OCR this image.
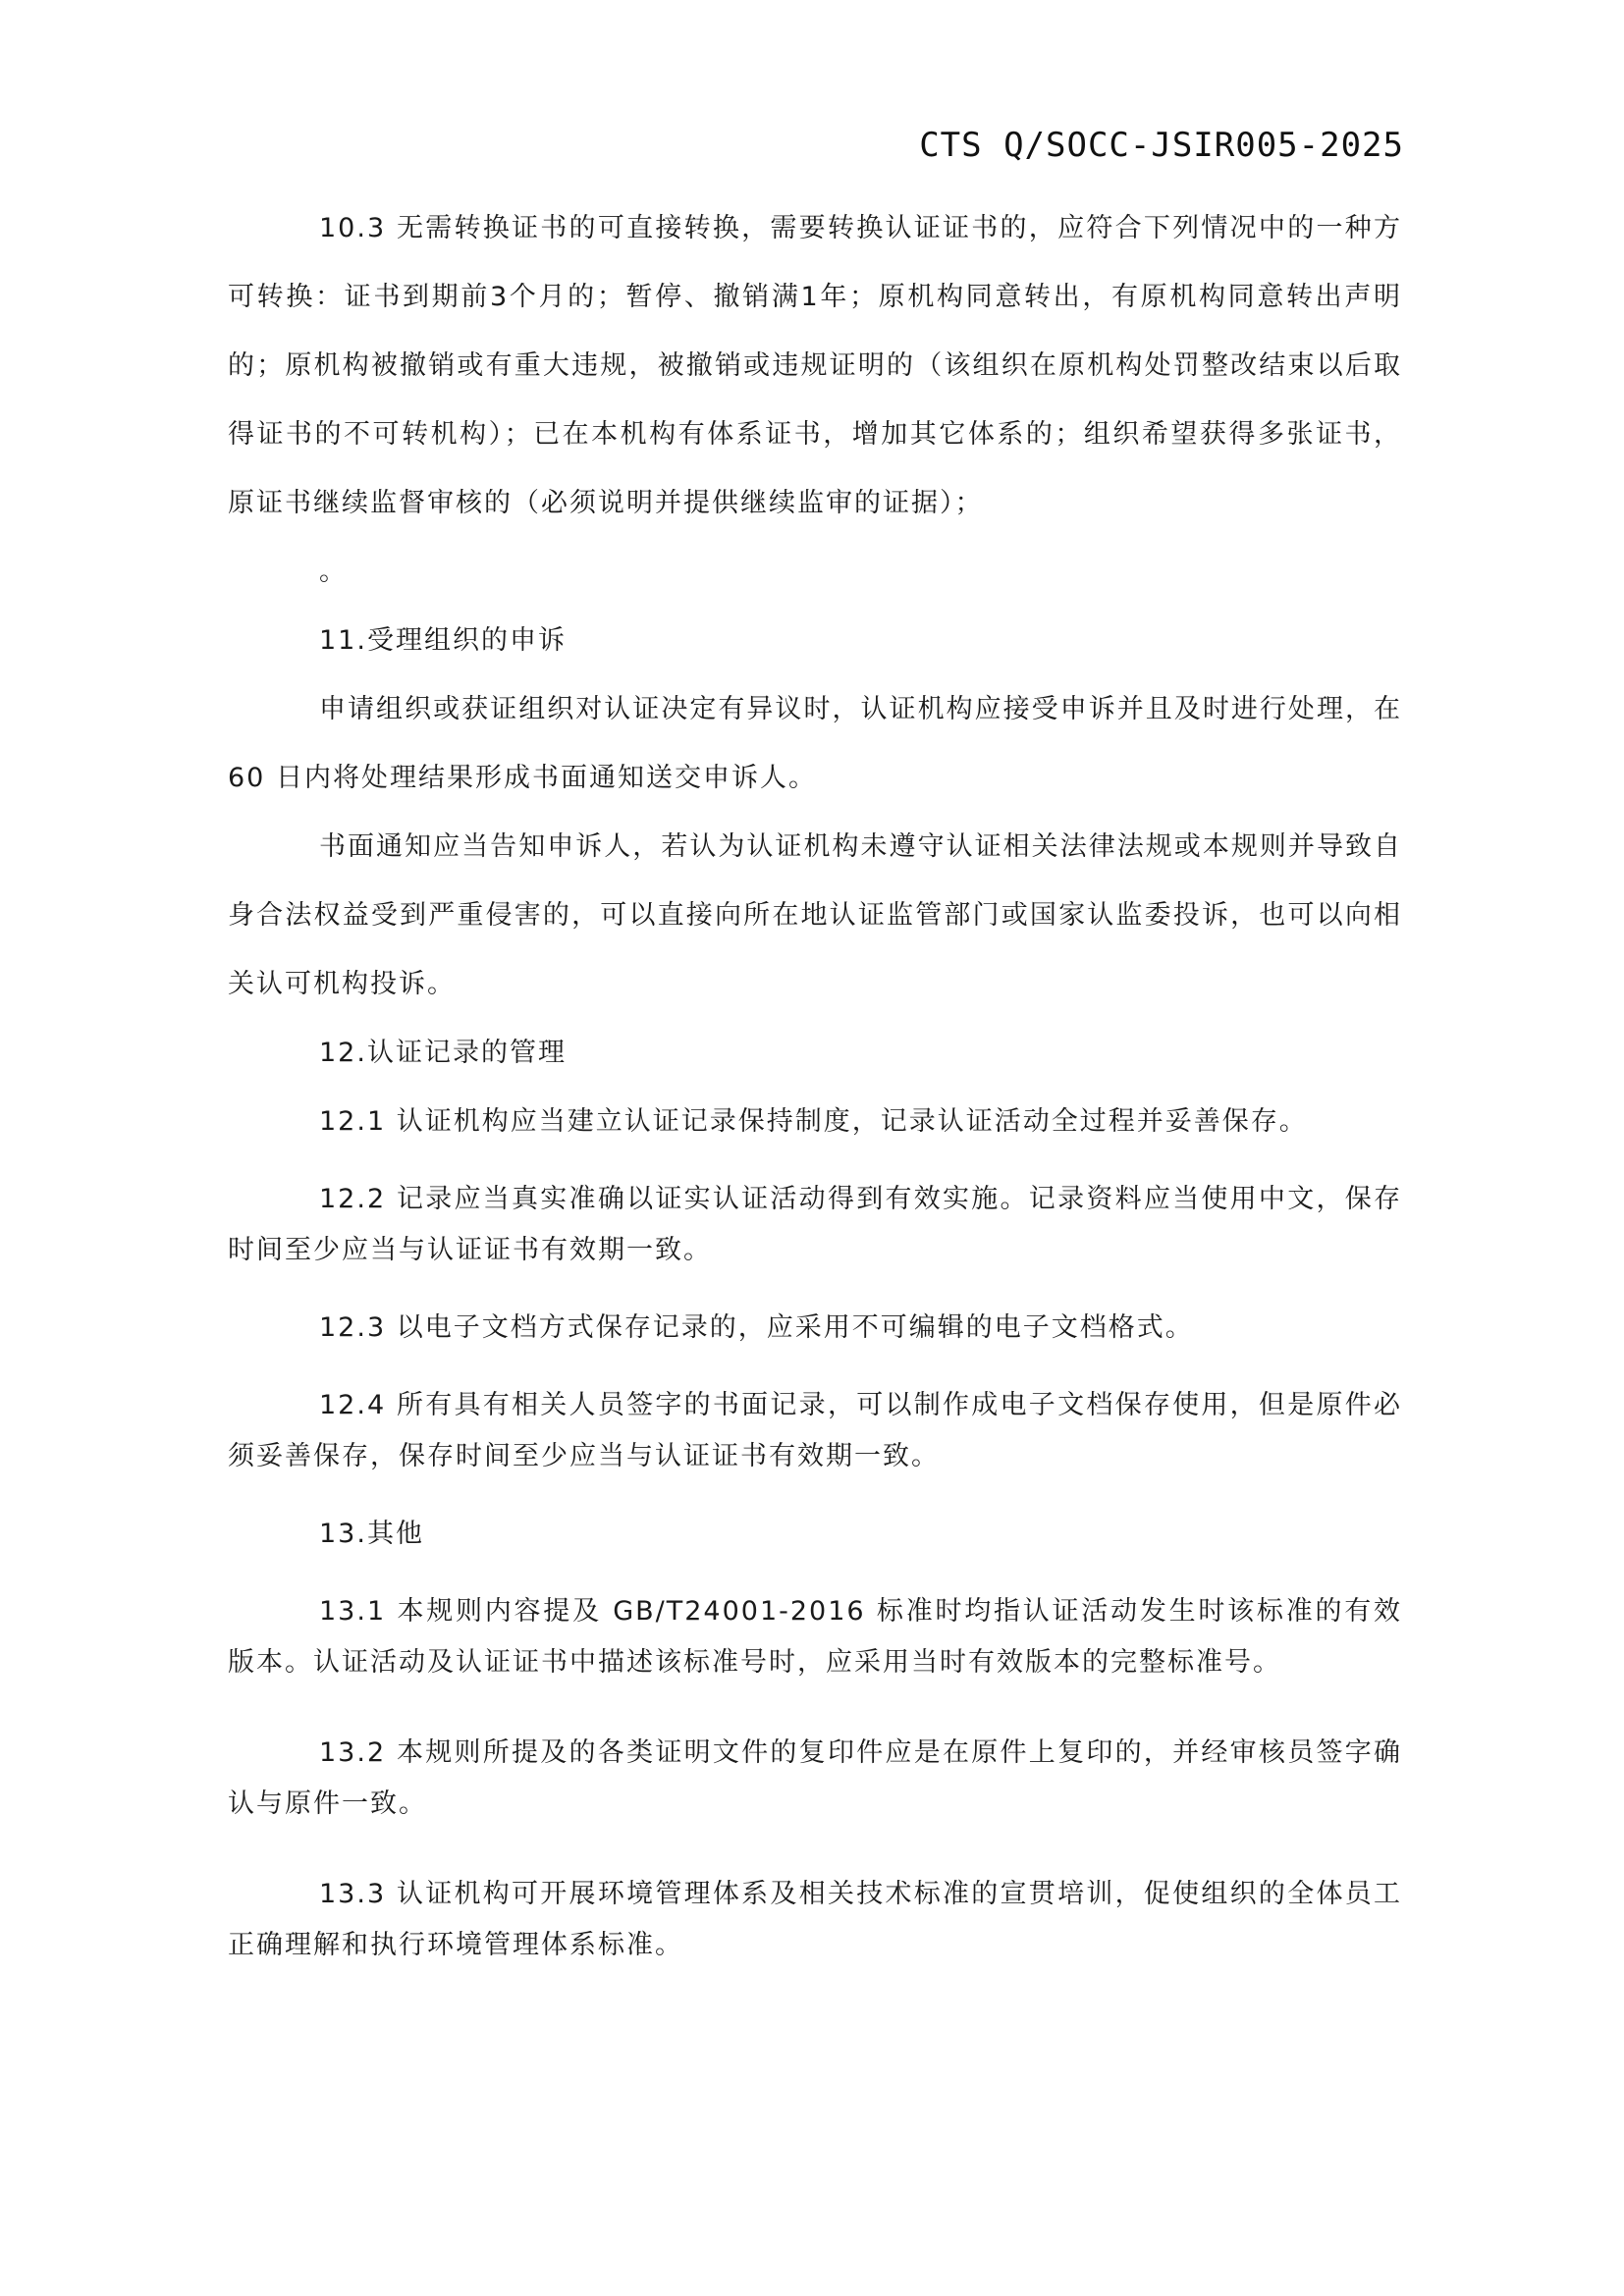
CTS Q/SOCC-JSIR005-2025

10.3 无需转换证书的可直接转换，需要转换认证证书的，应符合下列情况中的一种方可转换：证书到期前3个月的；暂停、撤销满1年；原机构同意转出，有原机构同意转出声明的；原机构被撤销或有重大违规，被撤销或违规证明的（该组织在原机构处罚整改结束以后取得证书的不可转机构）；已在本机构有体系证书，增加其它体系的；组织希望获得多张证书，原证书继续监督审核的（必须说明并提供继续监审的证据）；

。

11.受理组织的申诉

申请组织或获证组织对认证决定有异议时，认证机构应接受申诉并且及时进行处理，在60 日内将处理结果形成书面通知送交申诉人。

书面通知应当告知申诉人，若认为认证机构未遵守认证相关法律法规或本规则并导致自身合法权益受到严重侵害的，可以直接向所在地认证监管部门或国家认监委投诉，也可以向相关认可机构投诉。

12.认证记录的管理

12.1 认证机构应当建立认证记录保持制度，记录认证活动全过程并妥善保存。

12.2 记录应当真实准确以证实认证活动得到有效实施。记录资料应当使用中文，保存时间至少应当与认证证书有效期一致。

12.3 以电子文档方式保存记录的，应采用不可编辑的电子文档格式。

12.4 所有具有相关人员签字的书面记录，可以制作成电子文档保存使用，但是原件必须妥善保存，保存时间至少应当与认证证书有效期一致。

13.其他

13.1 本规则内容提及 GB/T24001-2016 标准时均指认证活动发生时该标准的有效版本。认证活动及认证证书中描述该标准号时，应采用当时有效版本的完整标准号。

13.2 本规则所提及的各类证明文件的复印件应是在原件上复印的，并经审核员签字确认与原件一致。

13.3 认证机构可开展环境管理体系及相关技术标准的宣贯培训，促使组织的全体员工正确理解和执行环境管理体系标准。
